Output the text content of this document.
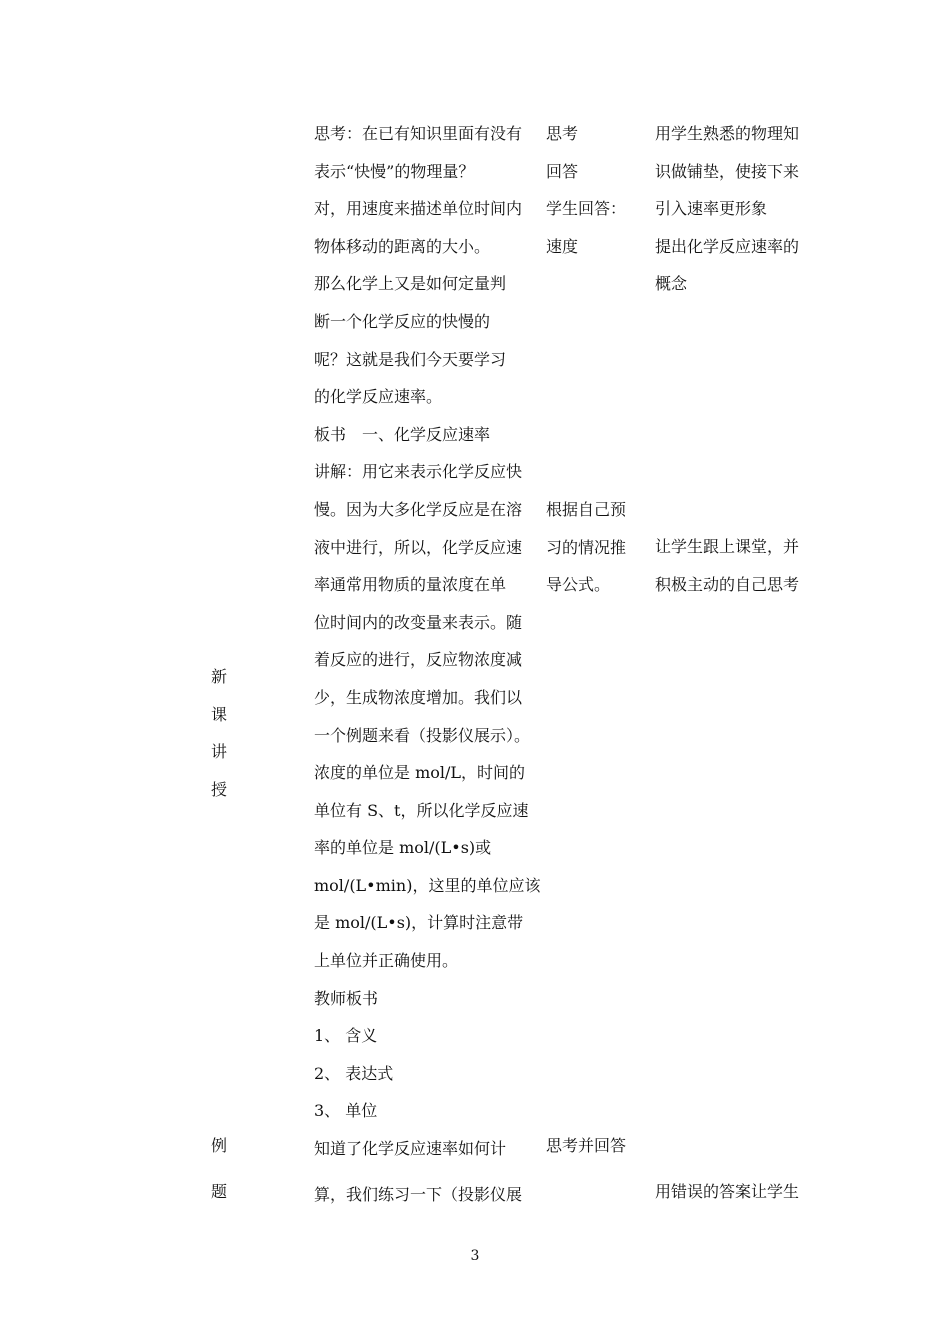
新
课
讲
授
例
题
思考：在已有知识里面有没有
表示“快慢”的物理量？
对，用速度来描述单位时间内
物体移动的距离的大小。
那么化学上又是如何定量判
断一个化学反应的快慢的
呢？这就是我们今天要学习
的化学反应速率。
板书　一、化学反应速率
讲解：用它来表示化学反应快
慢。因为大多化学反应是在溶
液中进行，所以，化学反应速
率通常用物质的量浓度在单
位时间内的改变量来表示。随
着反应的进行，反应物浓度减
少，生成物浓度增加。我们以
一个例题来看（投影仪展示）。
浓度的单位是 mol/L，时间的
单位有 S、t，所以化学反应速
率的单位是 mol/(L•s)或
mol/(L•min)，这里的单位应该
是 mol/(L•s)，计算时注意带
上单位并正确使用。
教师板书
1、 含义
2、 表达式
3、 单位
知道了化学反应速率如何计
算，我们练习一下（投影仪展
思考
回答
学生回答：
速度
根据自己预
习的情况推
导公式。
思考并回答
用学生熟悉的物理知
识做铺垫，使接下来
引入速率更形象
提出化学反应速率的
概念
让学生跟上课堂，并
积极主动的自己思考
用错误的答案让学生
3
